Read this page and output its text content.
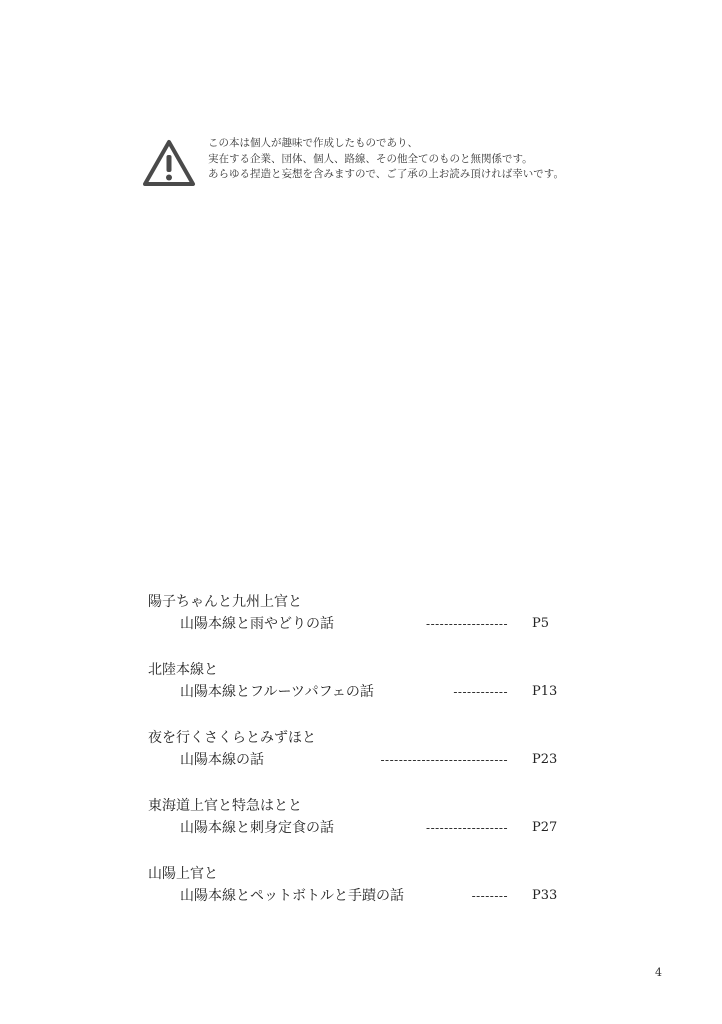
この本は個人が趣味で作成したものであり、
実在する企業、団体、個人、路線、その他全てのものと無関係です。
あらゆる捏造と妄想を含みますので、ご了承の上お読み頂ければ幸いです。
陽子ちゃんと九州上官と
山陽本線と雨やどりの話	------------------ P5
北陸本線と
山陽本線とフルーツパフェの話	------------ P13
夜を行くさくらとみずほと
山陽本線の話	---------------------------- P23
東海道上官と特急はとと
山陽本線と刺身定食の話	------------------ P27
山陽上官と
山陽本線とペットボトルと手蹟の話	-------- P33
4
